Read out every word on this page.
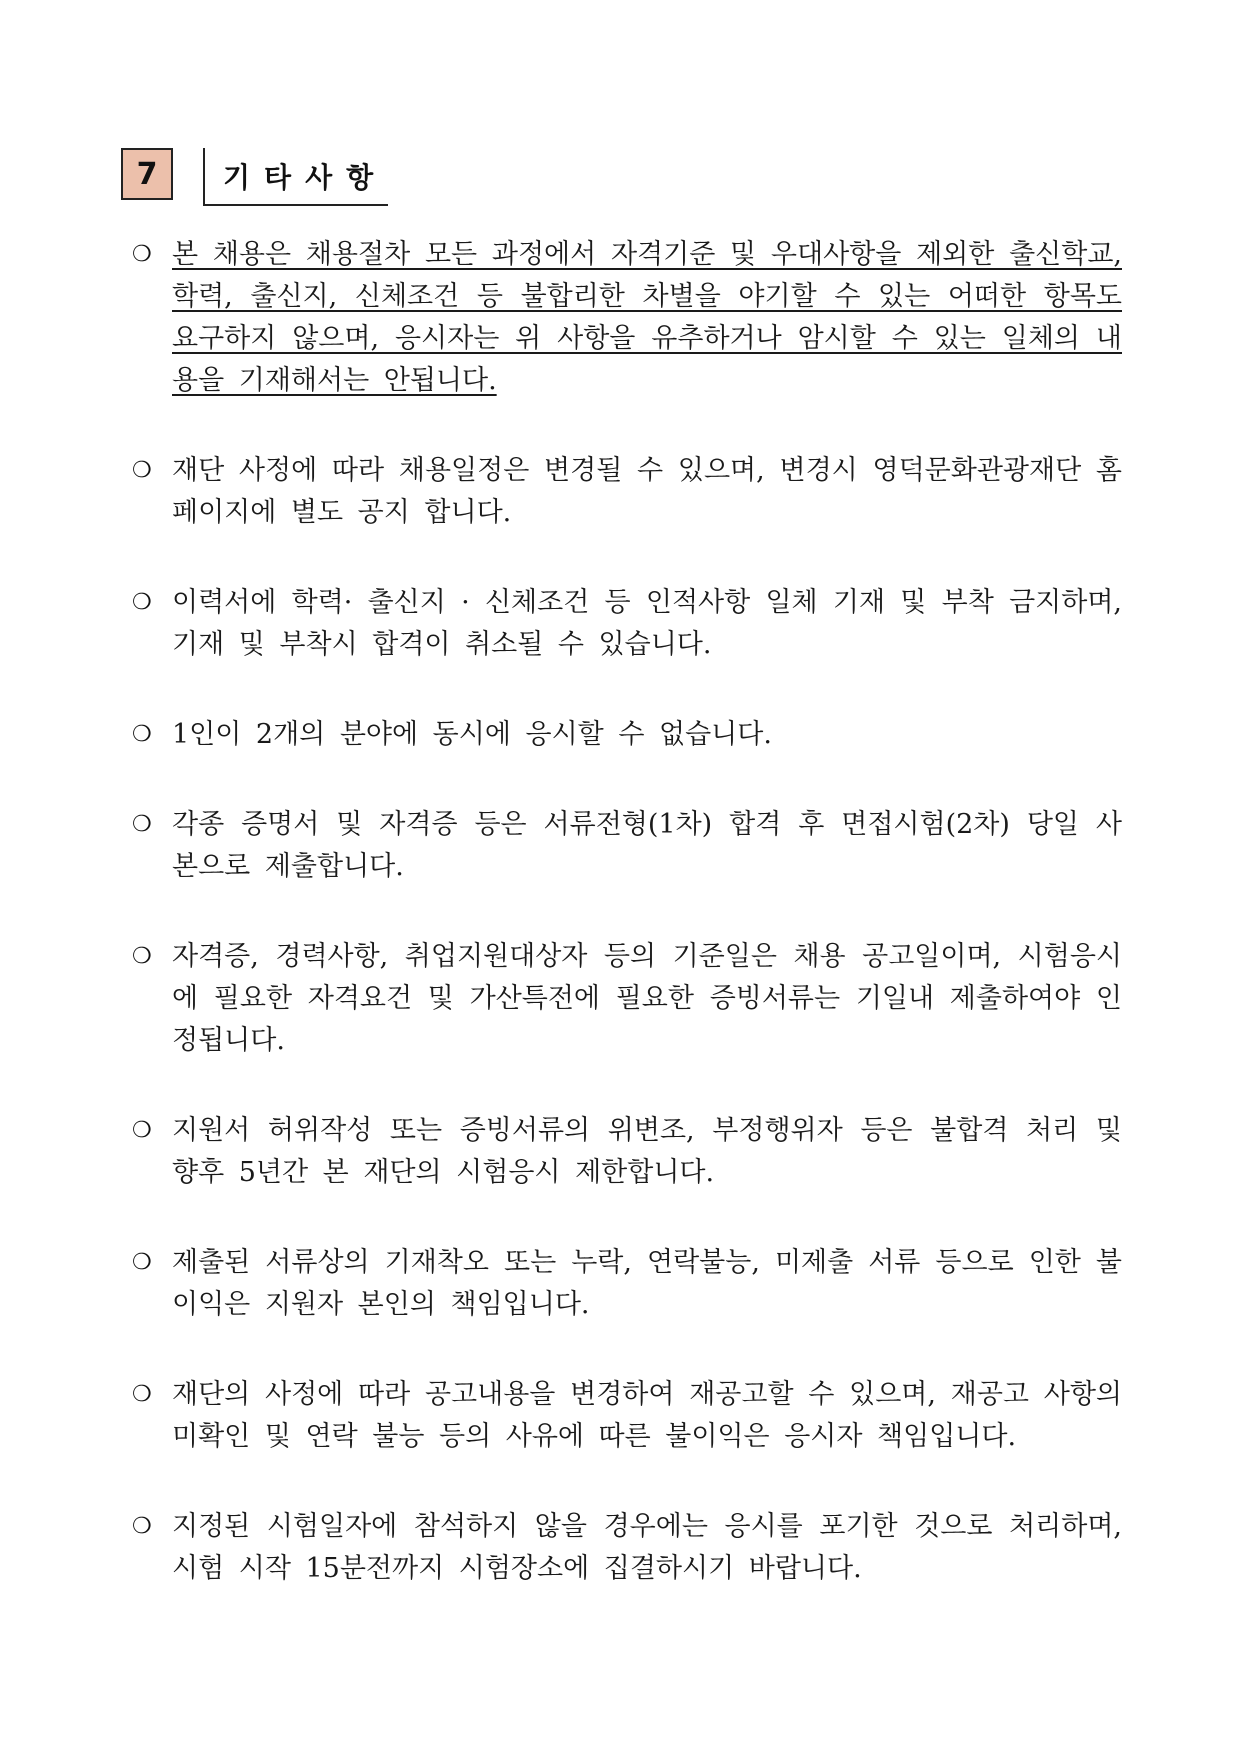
7	기타사항
❍ 본 채용은 채용절차 모든 과정에서 자격기준 및 우대사항을 제외한 출신학교, 학력, 출신지, 신체조건 등 불합리한 차별을 야기할 수 있는 어떠한 항목도 요구하지 않으며, 응시자는 위 사항을 유추하거나 암시할 수 있는 일체의 내용을 기재해서는 안됩니다.
❍ 재단 사정에 따라 채용일정은 변경될 수 있으며, 변경시 영덕문화관광재단 홈페이지에 별도 공지 합니다.
❍ 이력서에 학력· 출신지 · 신체조건 등 인적사항 일체 기재 및 부착 금지하며, 기재 및 부착시 합격이 취소될 수 있습니다.
❍ 1인이 2개의 분야에 동시에 응시할 수 없습니다.
❍ 각종 증명서 및 자격증 등은 서류전형(1차) 합격 후 면접시험(2차) 당일 사본으로 제출합니다.
❍ 자격증, 경력사항, 취업지원대상자 등의 기준일은 채용 공고일이며, 시험응시에 필요한 자격요건 및 가산특전에 필요한 증빙서류는 기일내 제출하여야 인정됩니다.
❍ 지원서 허위작성 또는 증빙서류의 위변조, 부정행위자 등은 불합격 처리 및 향후 5년간 본 재단의 시험응시 제한합니다.
❍ 제출된 서류상의 기재착오 또는 누락, 연락불능, 미제출 서류 등으로 인한 불이익은 지원자 본인의 책임입니다.
❍ 재단의 사정에 따라 공고내용을 변경하여 재공고할 수 있으며, 재공고 사항의 미확인 및 연락 불능 등의 사유에 따른 불이익은 응시자 책임입니다.
❍ 지정된 시험일자에 참석하지 않을 경우에는 응시를 포기한 것으로 처리하며, 시험 시작 15분전까지 시험장소에 집결하시기 바랍니다.
